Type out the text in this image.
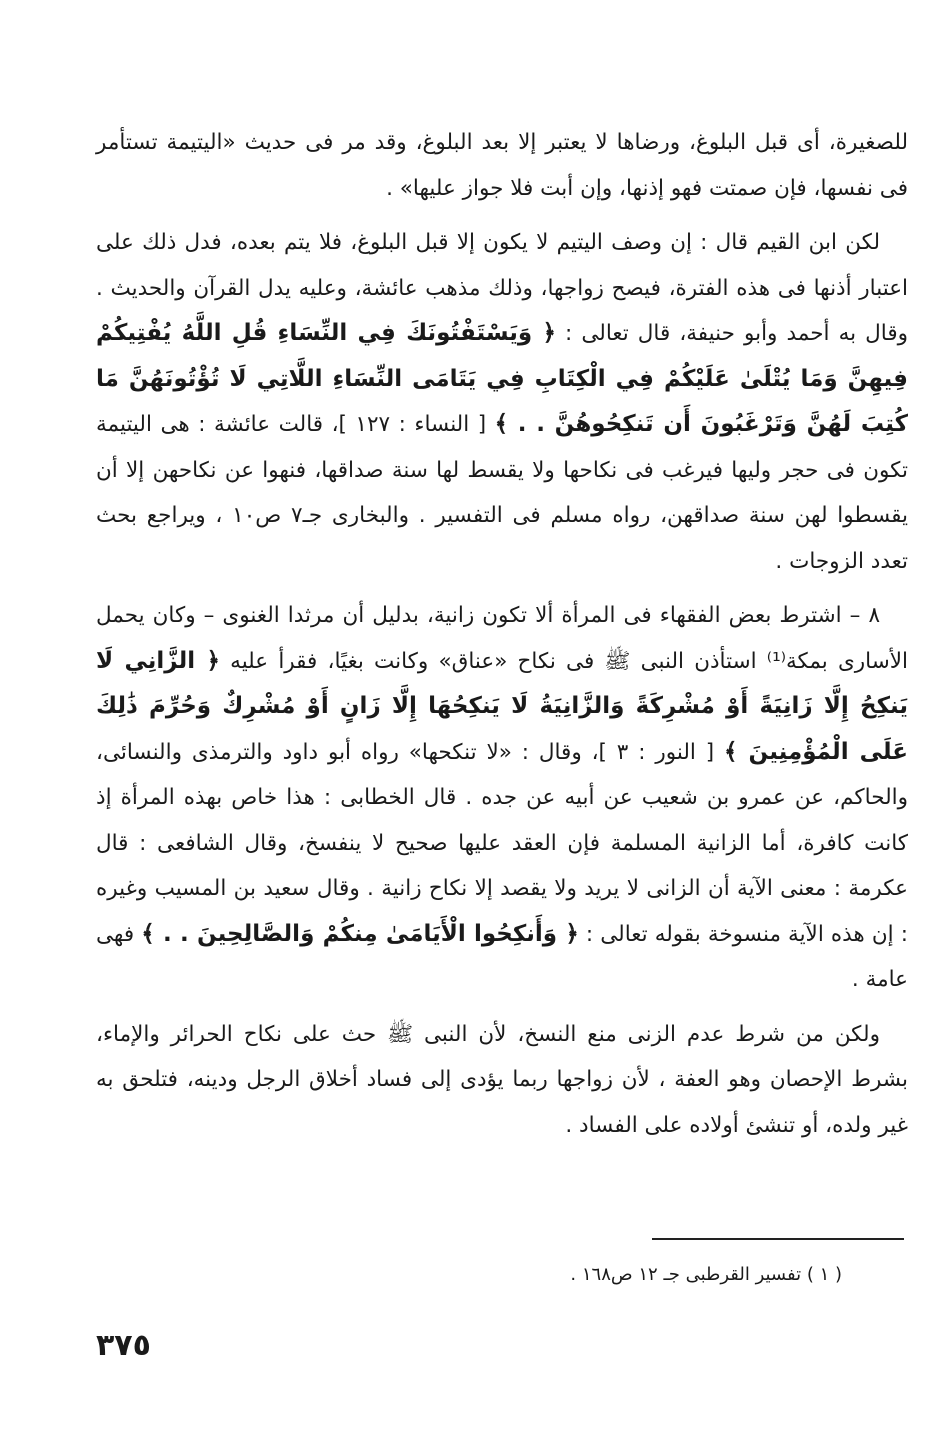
للصغيرة، أى قبل البلوغ، ورضاها لا يعتبر إلا بعد البلوغ، وقد مر فى حديث «اليتيمة تستأمر فى نفسها، فإن صمتت فهو إذنها، وإن أبت فلا جواز عليها» .

لكن ابن القيم قال : إن وصف اليتيم لا يكون إلا قبل البلوغ، فلا يتم بعده، فدل ذلك على اعتبار أذنها فى هذه الفترة، فيصح زواجها، وذلك مذهب عائشة، وعليه يدل القرآن والحديث . وقال به أحمد وأبو حنيفة، قال تعالى : ﴿ وَيَسْتَفْتُونَكَ فِي النِّسَاءِ قُلِ اللَّهُ يُفْتِيكُمْ فِيهِنَّ وَمَا يُتْلَىٰ عَلَيْكُمْ فِي الْكِتَابِ فِي يَتَامَى النِّسَاءِ اللَّاتِي لَا تُؤْتُونَهُنَّ مَا كُتِبَ لَهُنَّ وَتَرْغَبُونَ أَن تَنكِحُوهُنَّ . . ﴾ [ النساء : ١٢٧ ]، قالت عائشة : هى اليتيمة تكون فى حجر وليها فيرغب فى نكاحها ولا يقسط لها سنة صداقها، فنهوا عن نكاحهن إلا أن يقسطوا لهن سنة صداقهن، رواه مسلم فى التفسير . والبخارى جـ٧ ص١٠ ، ويراجع بحث تعدد الزوجات .

٨ – اشترط بعض الفقهاء فى المرأة ألا تكون زانية، بدليل أن مرثدا الغنوى – وكان يحمل الأسارى بمكة⁽¹⁾ استأذن النبى ﷺ فى نكاح «عناق» وكانت بغيًا، فقرأ عليه ﴿ الزَّانِي لَا يَنكِحُ إِلَّا زَانِيَةً أَوْ مُشْرِكَةً وَالزَّانِيَةُ لَا يَنكِحُهَا إِلَّا زَانٍ أَوْ مُشْرِكٌ وَحُرِّمَ ذَٰلِكَ عَلَى الْمُؤْمِنِينَ ﴾ [ النور : ٣ ]، وقال : «لا تنكحها» رواه أبو داود والترمذى والنسائى، والحاكم، عن عمرو بن شعيب عن أبيه عن جده . قال الخطابى : هذا خاص بهذه المرأة إذ كانت كافرة، أما الزانية المسلمة فإن العقد عليها صحيح لا ينفسخ، وقال الشافعى : قال عكرمة : معنى الآية أن الزانى لا يريد ولا يقصد إلا نكاح زانية . وقال سعيد بن المسيب وغيره : إن هذه الآية منسوخة بقوله تعالى : ﴿ وَأَنكِحُوا الْأَيَامَىٰ مِنكُمْ وَالصَّالِحِينَ . . ﴾ فهى عامة .

ولكن من شرط عدم الزنى منع النسخ، لأن النبى ﷺ حث على نكاح الحرائر والإماء، بشرط الإحصان وهو العفة ، لأن زواجها ربما يؤدى إلى فساد أخلاق الرجل ودينه، فتلحق به غير ولده، أو تنشئ أولاده على الفساد .

( ١ ) تفسير القرطبى جـ ١٢ ص١٦٨ .
٣٧٥
